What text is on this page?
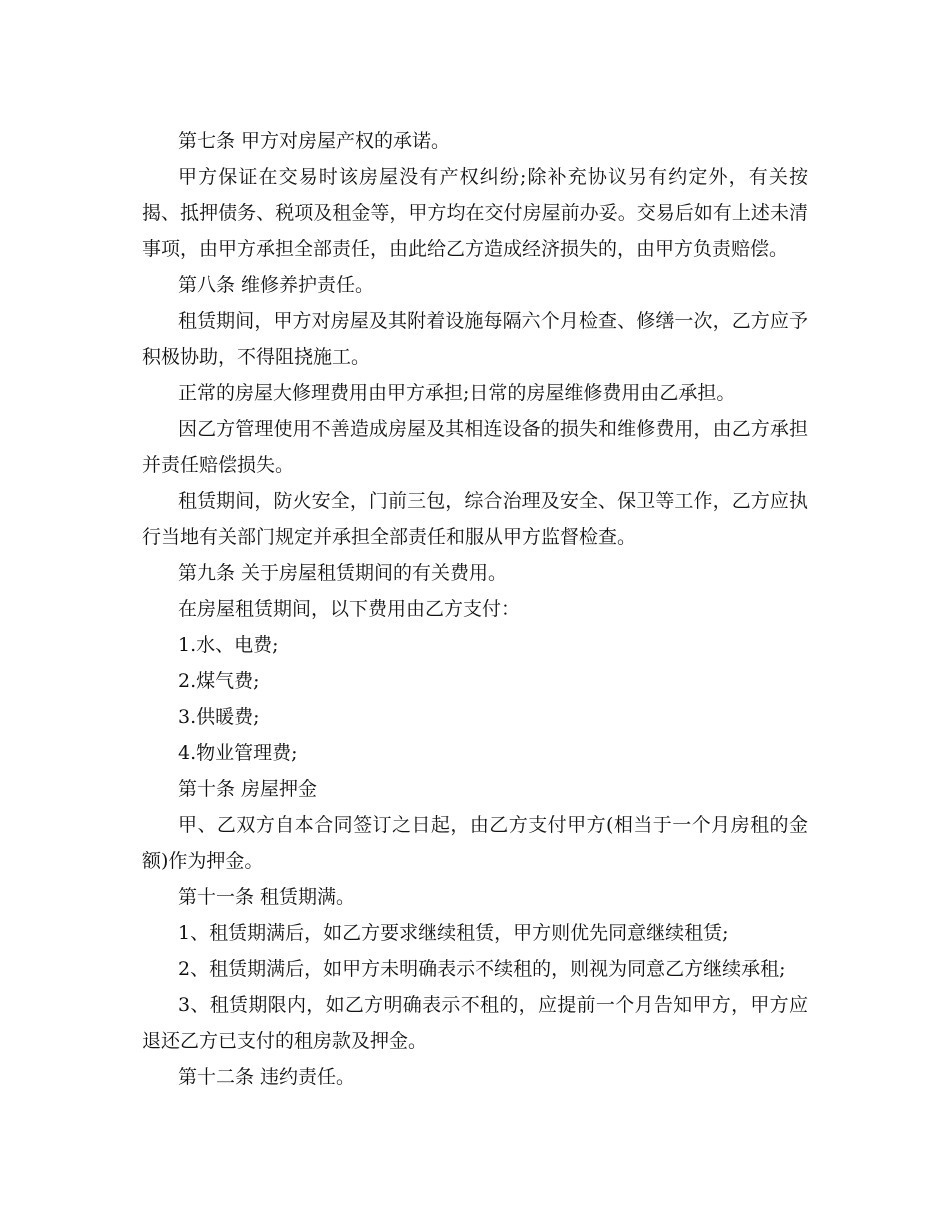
第七条 甲方对房屋产权的承诺。

甲方保证在交易时该房屋没有产权纠纷;除补充协议另有约定外，有关按揭、抵押债务、税项及租金等，甲方均在交付房屋前办妥。交易后如有上述未清事项，由甲方承担全部责任，由此给乙方造成经济损失的，由甲方负责赔偿。

第八条 维修养护责任。

租赁期间，甲方对房屋及其附着设施每隔六个月检查、修缮一次，乙方应予积极协助，不得阻挠施工。

正常的房屋大修理费用由甲方承担;日常的房屋维修费用由乙承担。

因乙方管理使用不善造成房屋及其相连设备的损失和维修费用，由乙方承担并责任赔偿损失。

租赁期间，防火安全，门前三包，综合治理及安全、保卫等工作，乙方应执行当地有关部门规定并承担全部责任和服从甲方监督检查。

第九条 关于房屋租赁期间的有关费用。

在房屋租赁期间，以下费用由乙方支付：

1.水、电费;

2.煤气费;

3.供暖费;

4.物业管理费;

第十条 房屋押金

甲、乙双方自本合同签订之日起，由乙方支付甲方(相当于一个月房租的金额)作为押金。

第十一条 租赁期满。

1、租赁期满后，如乙方要求继续租赁，甲方则优先同意继续租赁;

2、租赁期满后，如甲方未明确表示不续租的，则视为同意乙方继续承租;

3、租赁期限内，如乙方明确表示不租的，应提前一个月告知甲方，甲方应退还乙方已支付的租房款及押金。

第十二条 违约责任。
